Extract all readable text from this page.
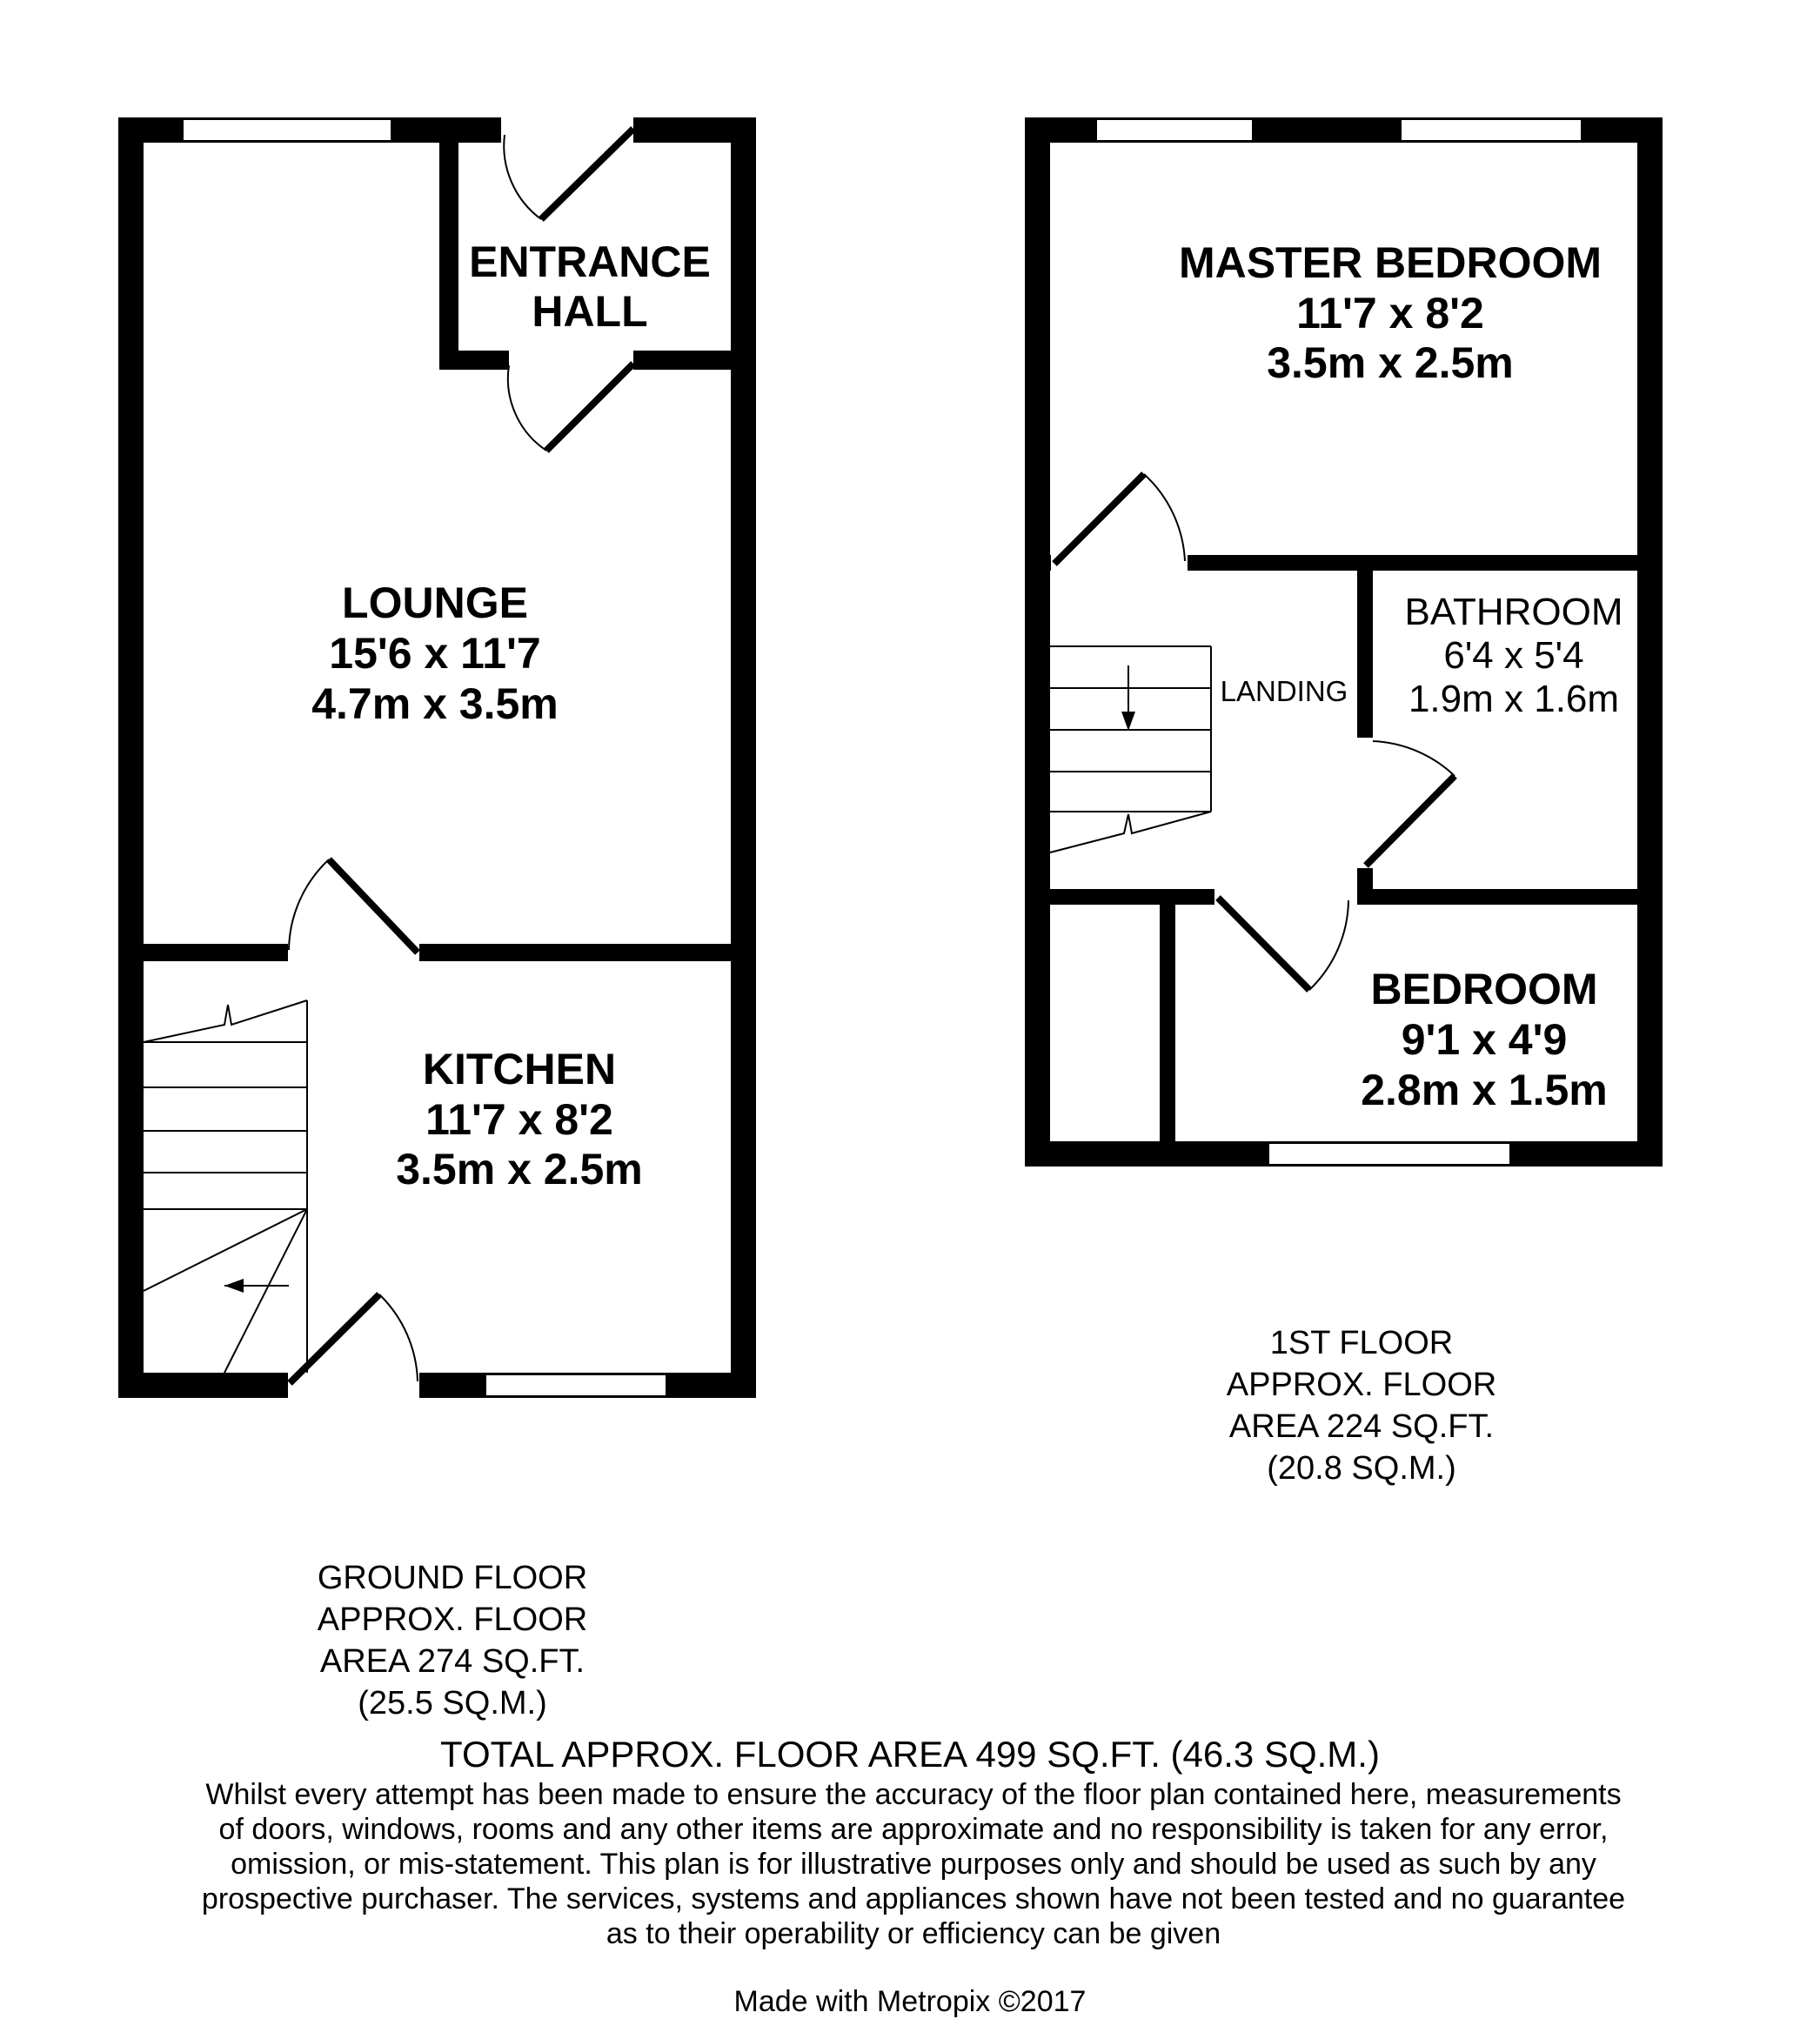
ENTRANCE
HALL
LOUNGE
15'6 x 11'7
4.7m x 3.5m
KITCHEN
11'7 x 8'2
3.5m x 2.5m
MASTER BEDROOM
11'7 x 8'2
3.5m x 2.5m
BATHROOM
6'4 x 5'4
1.9m x 1.6m
LANDING
BEDROOM
9'1 x 4'9
2.8m x 1.5m
1ST FLOOR
APPROX. FLOOR
AREA 224 SQ.FT.
(20.8 SQ.M.)
GROUND FLOOR
APPROX. FLOOR
AREA 274 SQ.FT.
(25.5 SQ.M.)
TOTAL APPROX. FLOOR AREA 499 SQ.FT. (46.3 SQ.M.)
Whilst every attempt has been made to ensure the accuracy of the floor plan contained here, measurements
of doors, windows, rooms and any other items are approximate and no responsibility is taken for any error,
omission, or mis-statement. This plan is for illustrative purposes only and should be used as such by any
prospective purchaser. The services, systems and appliances shown have not been tested and no guarantee
as to their operability or efficiency can be given
Made with Metropix ©2017
